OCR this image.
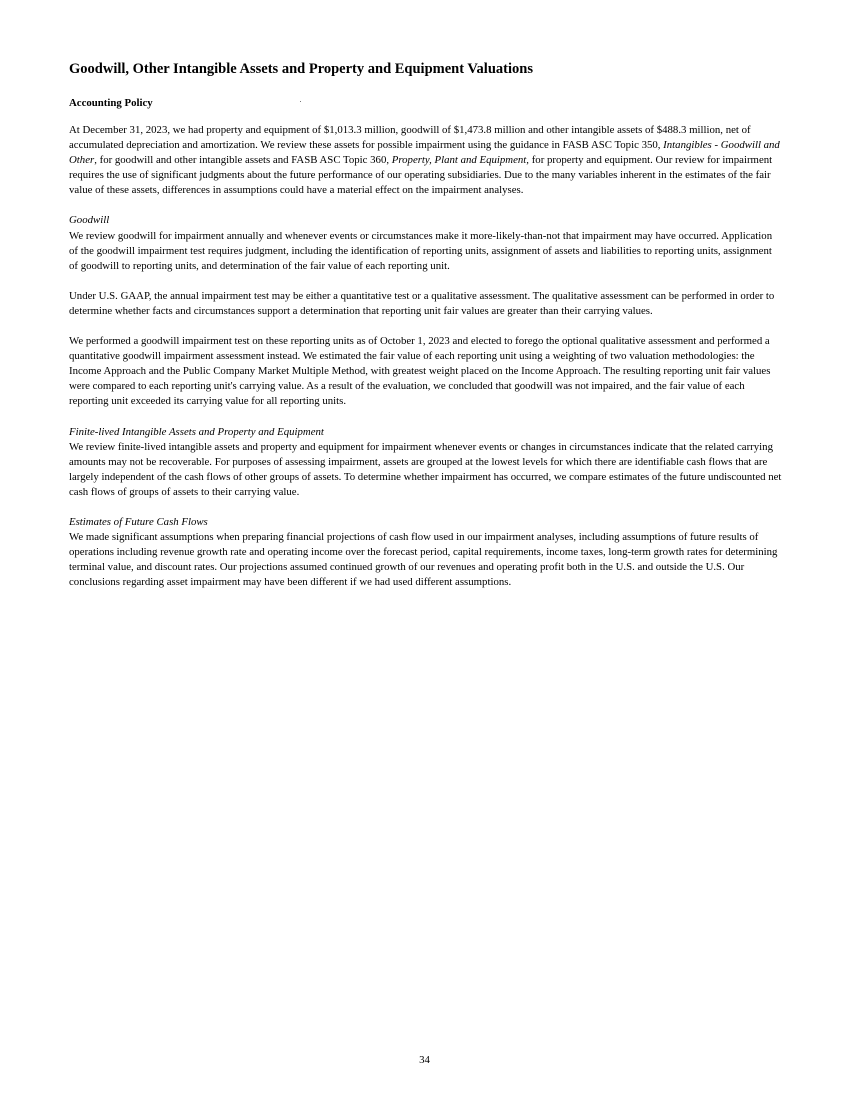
Goodwill, Other Intangible Assets and Property and Equipment Valuations
Accounting Policy

At December 31, 2023, we had property and equipment of $1,013.3 million, goodwill of $1,473.8 million and other intangible assets of $488.3 million, net of accumulated depreciation and amortization. We review these assets for possible impairment using the guidance in FASB ASC Topic 350, Intangibles - Goodwill and Other, for goodwill and other intangible assets and FASB ASC Topic 360, Property, Plant and Equipment, for property and equipment. Our review for impairment requires the use of significant judgments about the future performance of our operating subsidiaries. Due to the many variables inherent in the estimates of the fair value of these assets, differences in assumptions could have a material effect on the impairment analyses.

Goodwill

We review goodwill for impairment annually and whenever events or circumstances make it more-likely-than-not that impairment may have occurred. Application of the goodwill impairment test requires judgment, including the identification of reporting units, assignment of assets and liabilities to reporting units, assignment of goodwill to reporting units, and determination of the fair value of each reporting unit.

Under U.S. GAAP, the annual impairment test may be either a quantitative test or a qualitative assessment. The qualitative assessment can be performed in order to determine whether facts and circumstances support a determination that reporting unit fair values are greater than their carrying values.

We performed a goodwill impairment test on these reporting units as of October 1, 2023 and elected to forego the optional qualitative assessment and performed a quantitative goodwill impairment assessment instead. We estimated the fair value of each reporting unit using a weighting of two valuation methodologies: the Income Approach and the Public Company Market Multiple Method, with greatest weight placed on the Income Approach. The resulting reporting unit fair values were compared to each reporting unit's carrying value. As a result of the evaluation, we concluded that goodwill was not impaired, and the fair value of each reporting unit exceeded its carrying value for all reporting units.

Finite-lived Intangible Assets and Property and Equipment

We review finite-lived intangible assets and property and equipment for impairment whenever events or changes in circumstances indicate that the related carrying amounts may not be recoverable. For purposes of assessing impairment, assets are grouped at the lowest levels for which there are identifiable cash flows that are largely independent of the cash flows of other groups of assets. To determine whether impairment has occurred, we compare estimates of the future undiscounted net cash flows of groups of assets to their carrying value.

Estimates of Future Cash Flows

We made significant assumptions when preparing financial projections of cash flow used in our impairment analyses, including assumptions of future results of operations including revenue growth rate and operating income over the forecast period, capital requirements, income taxes, long-term growth rates for determining terminal value, and discount rates. Our projections assumed continued growth of our revenues and operating profit both in the U.S. and outside the U.S. Our conclusions regarding asset impairment may have been different if we had used different assumptions.

34
